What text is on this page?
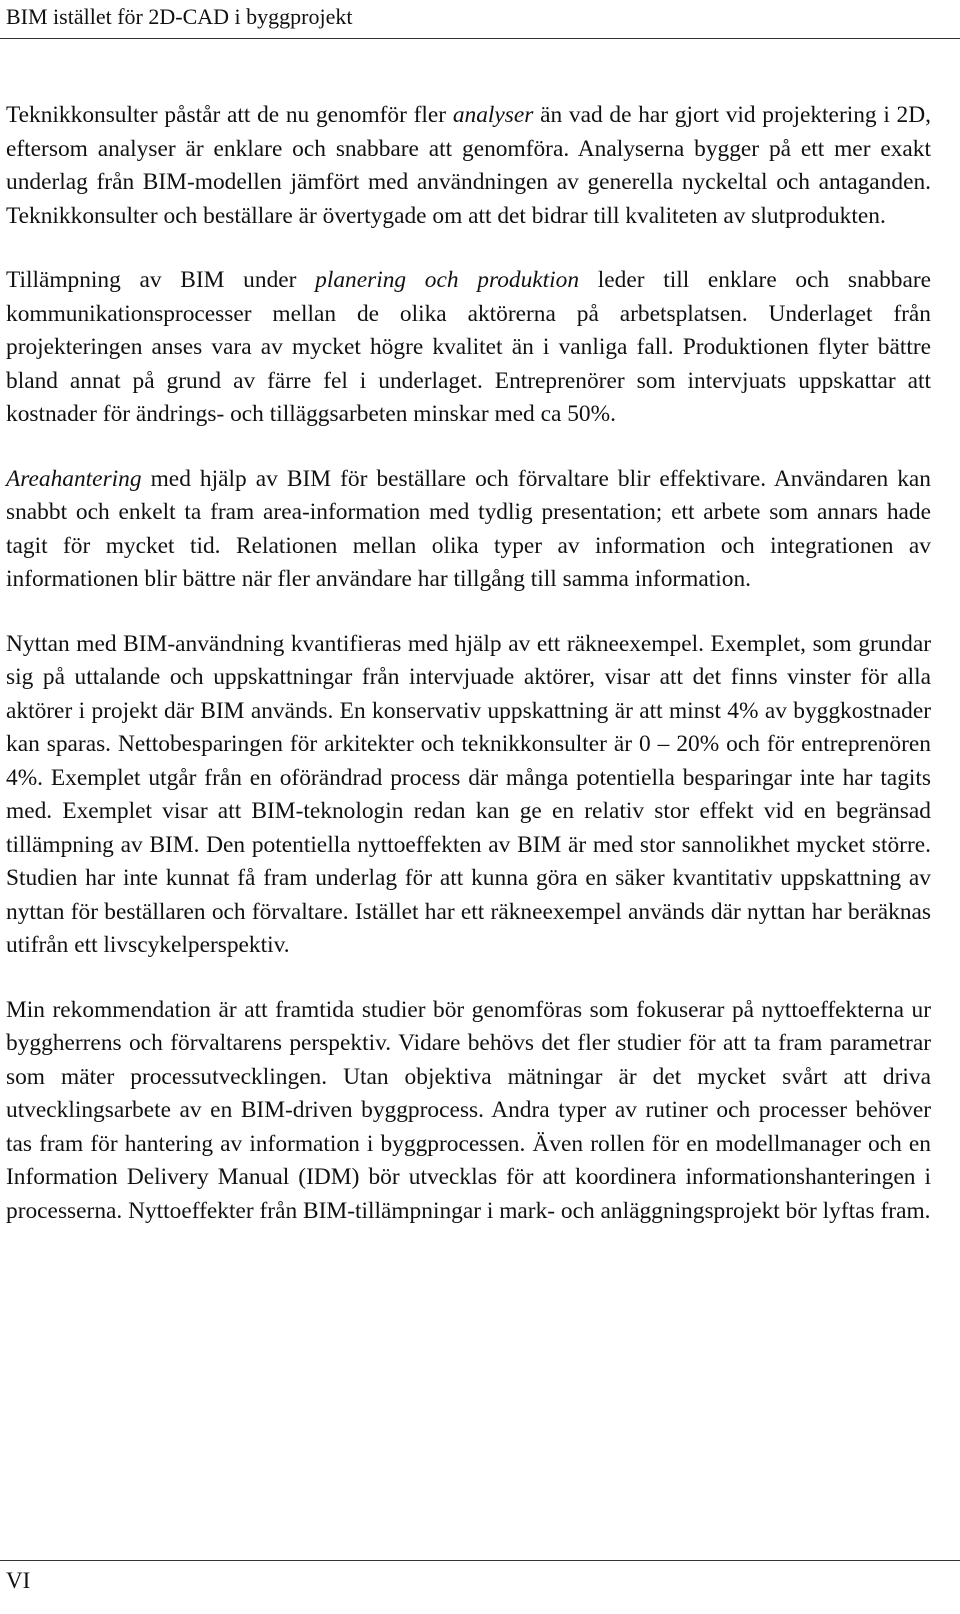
BIM istället för 2D-CAD i byggprojekt

Teknikkonsulter påstår att de nu genomför fler analyser än vad de har gjort vid projektering i 2D, eftersom analyser är enklare och snabbare att genomföra. Analyserna bygger på ett mer exakt underlag från BIM-modellen jämfört med användningen av generella nyckeltal och antaganden. Teknikkonsulter och beställare är övertygade om att det bidrar till kvaliteten av slutprodukten.

Tillämpning av BIM under planering och produktion leder till enklare och snabbare kommunikationsprocesser mellan de olika aktörerna på arbetsplatsen. Underlaget från projekteringen anses vara av mycket högre kvalitet än i vanliga fall. Produktionen flyter bättre bland annat på grund av färre fel i underlaget. Entreprenörer som intervjuats uppskattar att kostnader för ändrings- och tilläggsarbeten minskar med ca 50%.

Areahantering med hjälp av BIM för beställare och förvaltare blir effektivare. Användaren kan snabbt och enkelt ta fram area-information med tydlig presentation; ett arbete som annars hade tagit för mycket tid. Relationen mellan olika typer av information och integrationen av informationen blir bättre när fler användare har tillgång till samma information.

Nyttan med BIM-användning kvantifieras med hjälp av ett räkneexempel. Exemplet, som grundar sig på uttalande och uppskattningar från intervjuade aktörer, visar att det finns vinster för alla aktörer i projekt där BIM används. En konservativ uppskattning är att minst 4% av byggkostnader kan sparas. Nettobesparingen för arkitekter och teknikkonsulter är 0 – 20% och för entreprenören 4%. Exemplet utgår från en oförändrad process där många potentiella besparingar inte har tagits med. Exemplet visar att BIM-teknologin redan kan ge en relativ stor effekt vid en begränsad tillämpning av BIM. Den potentiella nyttoeffekten av BIM är med stor sannolikhet mycket större. Studien har inte kunnat få fram underlag för att kunna göra en säker kvantitativ uppskattning av nyttan för beställaren och förvaltare. Istället har ett räkneexempel används där nyttan har beräknas utifrån ett livscykelperspektiv.

Min rekommendation är att framtida studier bör genomföras som fokuserar på nyttoeffekterna ur byggherrens och förvaltarens perspektiv. Vidare behövs det fler studier för att ta fram parametrar som mäter processutvecklingen. Utan objektiva mätningar är det mycket svårt att driva utvecklingsarbete av en BIM-driven byggprocess. Andra typer av rutiner och processer behöver tas fram för hantering av information i byggprocessen. Även rollen för en modellmanager och en Information Delivery Manual (IDM) bör utvecklas för att koordinera informationshanteringen i processerna. Nyttoeffekter från BIM-tillämpningar i mark- och anläggningsprojekt bör lyftas fram.

VI
